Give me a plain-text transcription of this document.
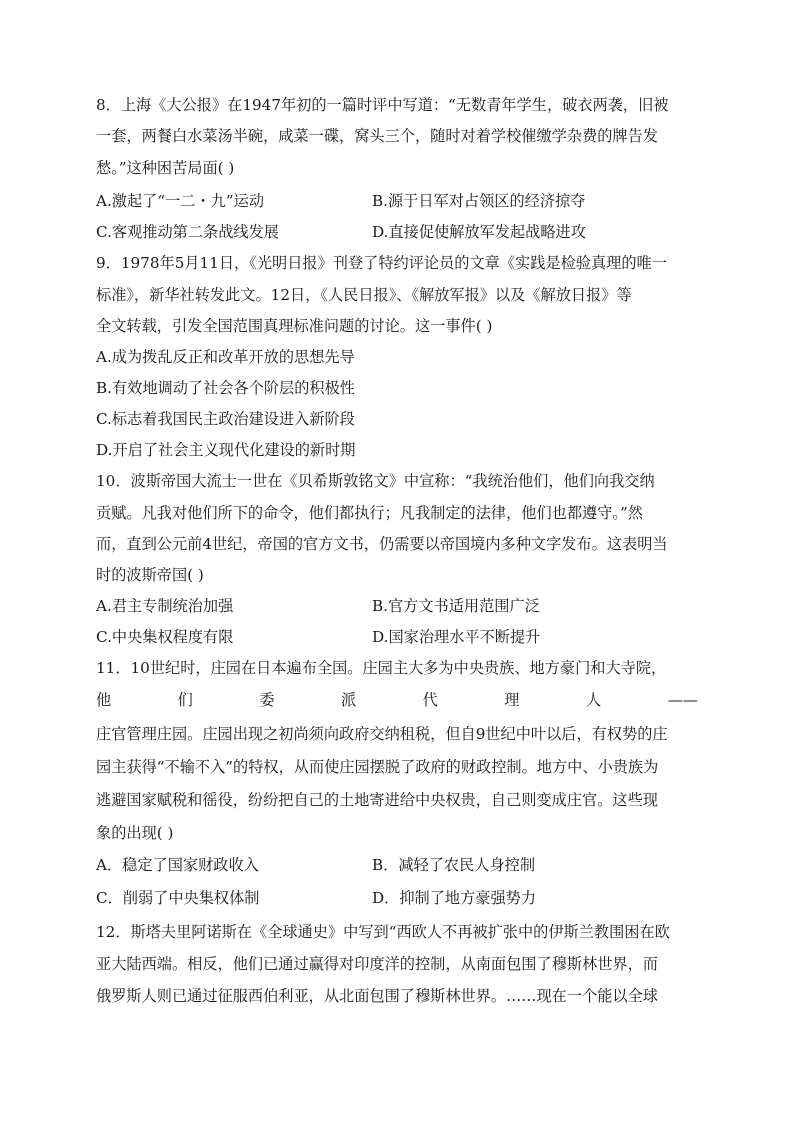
8．上海《大公报》在1947年初的一篇时评中写道：“无数青年学生，破衣两袭，旧被
一套，两餐白水菜汤半碗，咸菜一碟，窝头三个，随时对着学校催缴学杂费的牌告发
愁。”这种困苦局面( )
A.激起了“一二・九”运动	B.源于日军对占领区的经济掠夺
C.客观推动第二条战线发展	D.直接促使解放军发起战略进攻
9．1978年5月11日，《光明日报》刊登了特约评论员的文章《实践是检验真理的唯一
标准》，新华社转发此文。12日，《人民日报》、《解放军报》以及《解放日报》等
全文转载，引发全国范围真理标准问题的讨论。这一事件( )
A.成为拨乱反正和改革开放的思想先导
B.有效地调动了社会各个阶层的积极性
C.标志着我国民主政治建设进入新阶段
D.开启了社会主义现代化建设的新时期
10．波斯帝国大流士一世在《贝希斯敦铭文》中宣称：“我统治他们，他们向我交纳
贡赋。凡我对他们所下的命令，他们都执行；凡我制定的法律，他们也都遵守。”然
而，直到公元前4世纪，帝国的官方文书，仍需要以帝国境内多种文字发布。这表明当
时的波斯帝国( )
A.君主专制统治加强	B.官方文书适用范围广泛
C.中央集权程度有限	D.国家治理水平不断提升
11．10世纪时，庄园在日本遍布全国。庄园主大多为中央贵族、地方豪门和大寺院，
他	们	委	派	代	理	人	——
庄官管理庄园。庄园出现之初尚须向政府交纳租税，但自9世纪中叶以后，有权势的庄
园主获得“不输不入”的特权，从而使庄园摆脱了政府的财政控制。地方中、小贵族为
逃避国家赋税和徭役，纷纷把自己的土地寄进给中央权贵，自己则变成庄官。这些现
象的出现( )
A．稳定了国家财政收入	B．减轻了农民人身控制
C．削弱了中央集权体制	D．抑制了地方豪强势力
12．斯塔夫里阿诺斯在《全球通史》中写到“西欧人不再被扩张中的伊斯兰教围困在欧
亚大陆西端。相反，他们已通过赢得对印度洋的控制，从南面包围了穆斯林世界，而
俄罗斯人则已通过征服西伯利亚，从北面包围了穆斯林世界。……现在一个能以全球
